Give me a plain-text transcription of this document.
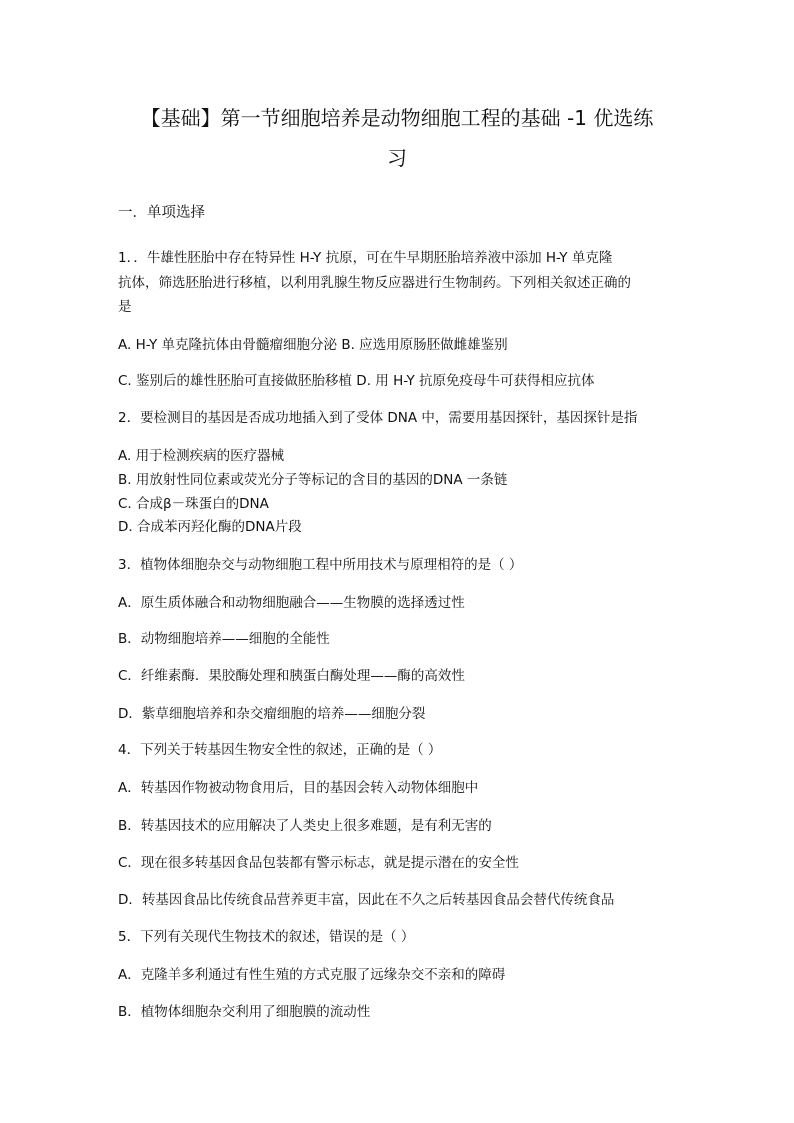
【基础】第一节细胞培养是动物细胞工程的基础 -1 优选练
习
一．单项选择
1．．牛雄性胚胎中存在特异性 H-Y 抗原，可在牛早期胚胎培养液中添加 H-Y 单克隆
抗体，筛选胚胎进行移植，以利用乳腺生物反应器进行生物制药。下列相关叙述正确的
是
A. H-Y 单克隆抗体由骨髓瘤细胞分泌 B. 应选用原肠胚做雌雄鉴别
C. 鉴别后的雄性胚胎可直接做胚胎移植 D. 用 H-Y 抗原免疫母牛可获得相应抗体
2．要检测目的基因是否成功地插入到了受体 DNA 中，需要用基因探针，基因探针是指
A. 用于检测疾病的医疗器械
B. 用放射性同位素或荧光分子等标记的含目的基因的DNA 一条链
C. 合成β－珠蛋白的DNA
D. 合成苯丙羟化酶的DNA片段
3．植物体细胞杂交与动物细胞工程中所用技术与原理相符的是（ ）
A．原生质体融合和动物细胞融合——生物膜的选择透过性
B．动物细胞培养——细胞的全能性
C．纤维素酶．果胶酶处理和胰蛋白酶处理——酶的高效性
D．紫草细胞培养和杂交瘤细胞的培养——细胞分裂
4．下列关于转基因生物安全性的叙述，正确的是（ ）
A．转基因作物被动物食用后，目的基因会转入动物体细胞中
B．转基因技术的应用解决了人类史上很多难题，是有利无害的
C．现在很多转基因食品包装都有警示标志，就是提示潜在的安全性
D．转基因食品比传统食品营养更丰富，因此在不久之后转基因食品会替代传统食品
5．下列有关现代生物技术的叙述，错误的是（ ）
A．克隆羊多利通过有性生殖的方式克服了远缘杂交不亲和的障碍
B．植物体细胞杂交利用了细胞膜的流动性
